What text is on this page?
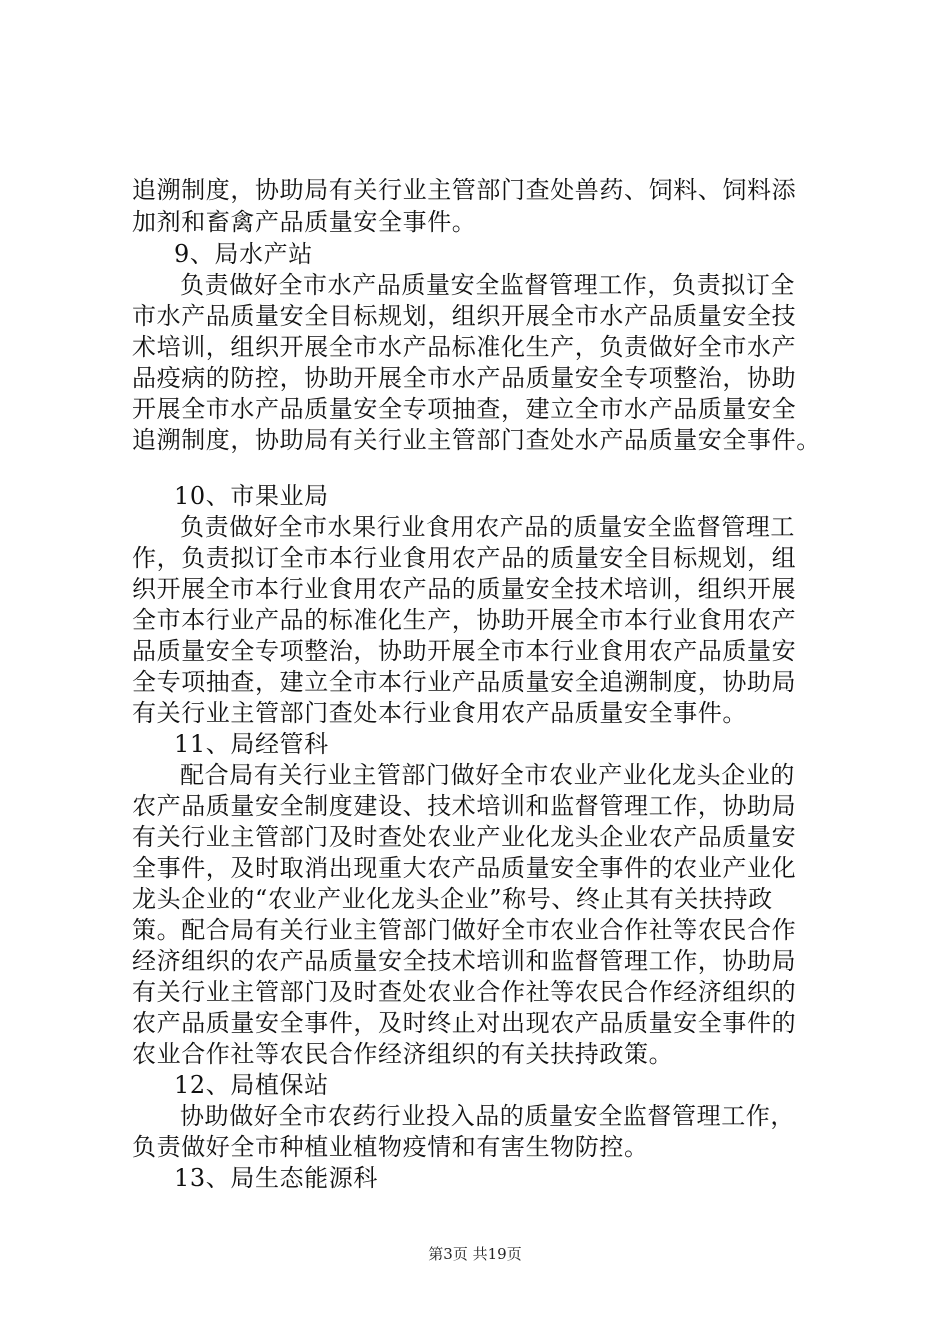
追溯制度，协助局有关行业主管部门查处兽药、饲料、饲料添
加剂和畜禽产品质量安全事件。
9、局水产站
负责做好全市水产品质量安全监督管理工作，负责拟订全
市水产品质量安全目标规划，组织开展全市水产品质量安全技
术培训，组织开展全市水产品标准化生产，负责做好全市水产
品疫病的防控，协助开展全市水产品质量安全专项整治，协助
开展全市水产品质量安全专项抽查，建立全市水产品质量安全
追溯制度，协助局有关行业主管部门查处水产品质量安全事件。
10、市果业局
负责做好全市水果行业食用农产品的质量安全监督管理工
作，负责拟订全市本行业食用农产品的质量安全目标规划，组
织开展全市本行业食用农产品的质量安全技术培训，组织开展
全市本行业产品的标准化生产，协助开展全市本行业食用农产
品质量安全专项整治，协助开展全市本行业食用农产品质量安
全专项抽查，建立全市本行业产品质量安全追溯制度，协助局
有关行业主管部门查处本行业食用农产品质量安全事件。
11、局经管科
配合局有关行业主管部门做好全市农业产业化龙头企业的
农产品质量安全制度建设、技术培训和监督管理工作，协助局
有关行业主管部门及时查处农业产业化龙头企业农产品质量安
全事件，及时取消出现重大农产品质量安全事件的农业产业化
龙头企业的“农业产业化龙头企业”称号、终止其有关扶持政
策。配合局有关行业主管部门做好全市农业合作社等农民合作
经济组织的农产品质量安全技术培训和监督管理工作，协助局
有关行业主管部门及时查处农业合作社等农民合作经济组织的
农产品质量安全事件，及时终止对出现农产品质量安全事件的
农业合作社等农民合作经济组织的有关扶持政策。
12、局植保站
协助做好全市农药行业投入品的质量安全监督管理工作，
负责做好全市种植业植物疫情和有害生物防控。
13、局生态能源科
第3页 共19页
